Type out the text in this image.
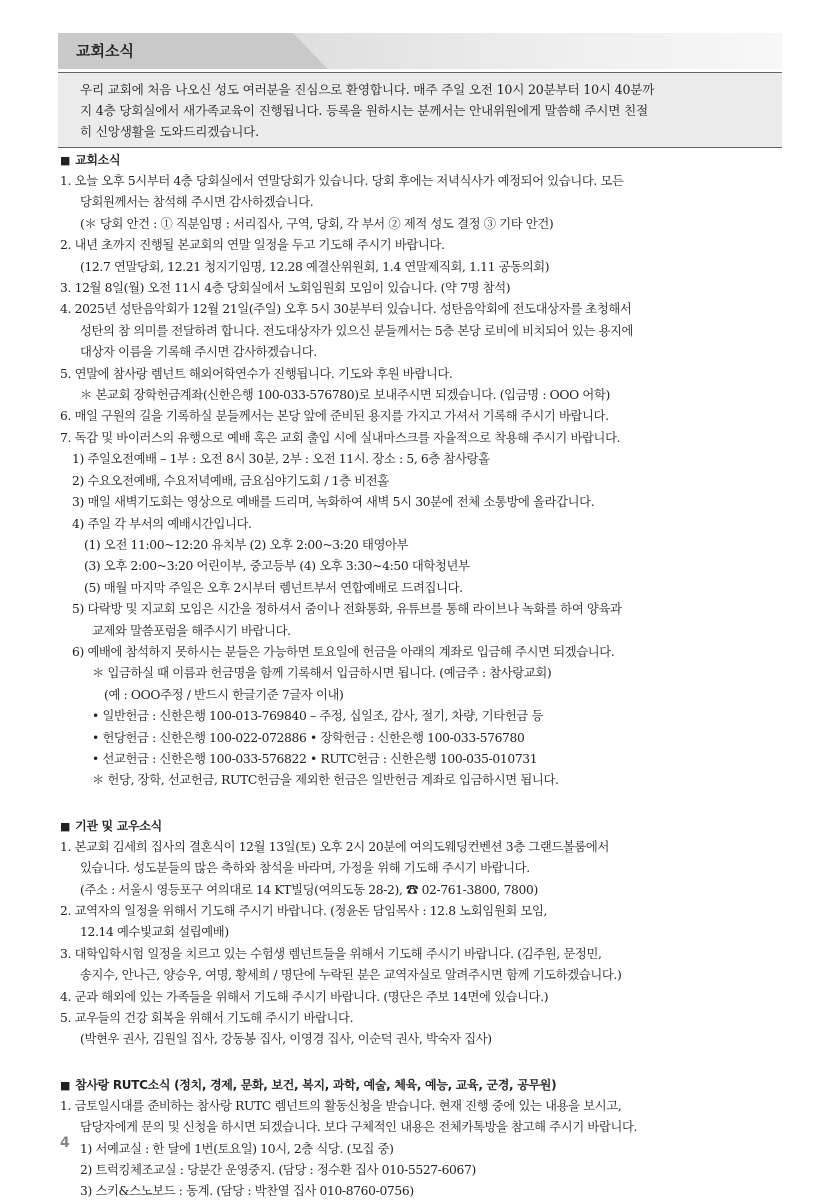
교회소식
우리 교회에 처음 나오신 성도 여러분을 진심으로 환영합니다. 매주 주일 오전 10시 20분부터 10시 40분까
지 4층 당회실에서 새가족교육이 진행됩니다. 등록을 원하시는 분께서는 안내위원에게 말씀해 주시면 친절
히 신앙생활을 도와드리겠습니다.
■ 교회소식
1. 오늘 오후 5시부터 4층 당회실에서 연말당회가 있습니다. 당회 후에는 저녁식사가 예정되어 있습니다. 모든
당회원께서는 참석해 주시면 감사하겠습니다.
(＊ 당회 안건 : ① 직분임명 : 서리집사, 구역, 당회, 각 부서 ② 제적 성도 결정 ③ 기타 안건)
2. 내년 초까지 진행될 본교회의 연말 일정을 두고 기도해 주시기 바랍니다.
(12.7 연말당회, 12.21 청지기임명, 12.28 예결산위원회, 1.4 연말제직회, 1.11 공동의회)
3. 12월 8일(월) 오전 11시 4층 당회실에서 노회임원회 모임이 있습니다. (약 7명 참석)
4. 2025년 성탄음악회가 12월 21일(주일) 오후 5시 30분부터 있습니다. 성탄음악회에 전도대상자를 초청해서
성탄의 참 의미를 전달하려 합니다. 전도대상자가 있으신 분들께서는 5층 본당 로비에 비치되어 있는 용지에
대상자 이름을 기록해 주시면 감사하겠습니다.
5. 연말에 참사랑 렘넌트 해외어학연수가 진행됩니다. 기도와 후원 바랍니다.
＊ 본교회 장학헌금계좌(신한은행 100-033-576780)로 보내주시면 되겠습니다. (입금명 : OOO 어학)
6. 매일 구원의 길을 기록하실 분들께서는 본당 앞에 준비된 용지를 가지고 가셔서 기록해 주시기 바랍니다.
7. 독감 및 바이러스의 유행으로 예배 혹은 교회 출입 시에 실내마스크를 자율적으로 착용해 주시기 바랍니다.
1) 주일오전예배 – 1부 : 오전 8시 30분, 2부 : 오전 11시. 장소 : 5, 6층 참사랑홀
2) 수요오전예배, 수요저녁예배, 금요심야기도회 / 1층 비전홀
3) 매일 새벽기도회는 영상으로 예배를 드리며, 녹화하여 새벽 5시 30분에 전체 소통방에 올라갑니다.
4) 주일 각 부서의 예배시간입니다.
(1) 오전 11:00~12:20 유치부 (2) 오후 2:00~3:20 태영아부
(3) 오후 2:00~3:20 어린이부, 중고등부 (4) 오후 3:30~4:50 대학청년부
(5) 매월 마지막 주일은 오후 2시부터 렘넌트부서 연합예배로 드려집니다.
5) 다락방 및 지교회 모임은 시간을 정하셔서 줌이나 전화통화, 유튜브를 통해 라이브나 녹화를 하여 양육과
교제와 말씀포럼을 해주시기 바랍니다.
6) 예배에 참석하지 못하시는 분들은 가능하면 토요일에 헌금을 아래의 계좌로 입금해 주시면 되겠습니다.
＊ 입금하실 때 이름과 헌금명을 함께 기록해서 입금하시면 됩니다. (예금주 : 참사랑교회)
(예 : OOO주정 / 반드시 한글기준 7글자 이내)
• 일반헌금 : 신한은행 100-013-769840 – 주정, 십일조, 감사, 절기, 차량, 기타헌금 등
• 헌당헌금 : 신한은행 100-022-072886 • 장학헌금 : 신한은행 100-033-576780
• 선교헌금 : 신한은행 100-033-576822 • RUTC헌금 : 신한은행 100-035-010731
＊ 헌당, 장학, 선교헌금, RUTC헌금을 제외한 헌금은 일반헌금 계좌로 입금하시면 됩니다.
■ 기관 및 교우소식
1. 본교회 김세희 집사의 결혼식이 12월 13일(토) 오후 2시 20분에 여의도웨딩컨벤션 3층 그랜드볼룸에서
있습니다. 성도분들의 많은 축하와 참석을 바라며, 가정을 위해 기도해 주시기 바랍니다.
(주소 : 서울시 영등포구 여의대로 14 KT빌딩(여의도동 28-2), ☎ 02-761-3800, 7800)
2. 교역자의 일정을 위해서 기도해 주시기 바랍니다. (정윤돈 담임목사 : 12.8 노회임원회 모임,
12.14 예수빛교회 설립예배)
3. 대학입학시험 일정을 치르고 있는 수험생 렘넌트들을 위해서 기도해 주시기 바랍니다. (김주원, 문정민,
송지수, 안나근, 양승우, 여명, 황세희 / 명단에 누락된 분은 교역자실로 알려주시면 함께 기도하겠습니다.)
4. 군과 해외에 있는 가족들을 위해서 기도해 주시기 바랍니다. (명단은 주보 14면에 있습니다.)
5. 교우들의 건강 회복을 위해서 기도해 주시기 바랍니다.
(박현우 권사, 김원일 집사, 강동봉 집사, 이영경 집사, 이순덕 권사, 박숙자 집사)
■ 참사랑 RUTC소식 (정치, 경제, 문화, 보건, 복지, 과학, 예술, 체육, 예능, 교육, 군경, 공무원)
1. 금토일시대를 준비하는 참사랑 RUTC 렘넌트의 활동신청을 받습니다. 현재 진행 중에 있는 내용을 보시고,
담당자에게 문의 및 신청을 하시면 되겠습니다. 보다 구체적인 내용은 전체카톡방을 참고해 주시기 바랍니다.
1) 서예교실 : 한 달에 1번(토요일) 10시, 2층 식당. (모집 중)
2) 트럭킹체조교실 : 당분간 운영중지. (담당 : 정수환 집사 010-5527-6067)
3) 스키&스노보드 : 동계. (담당 : 박찬열 집사 010-8760-0756)
4
